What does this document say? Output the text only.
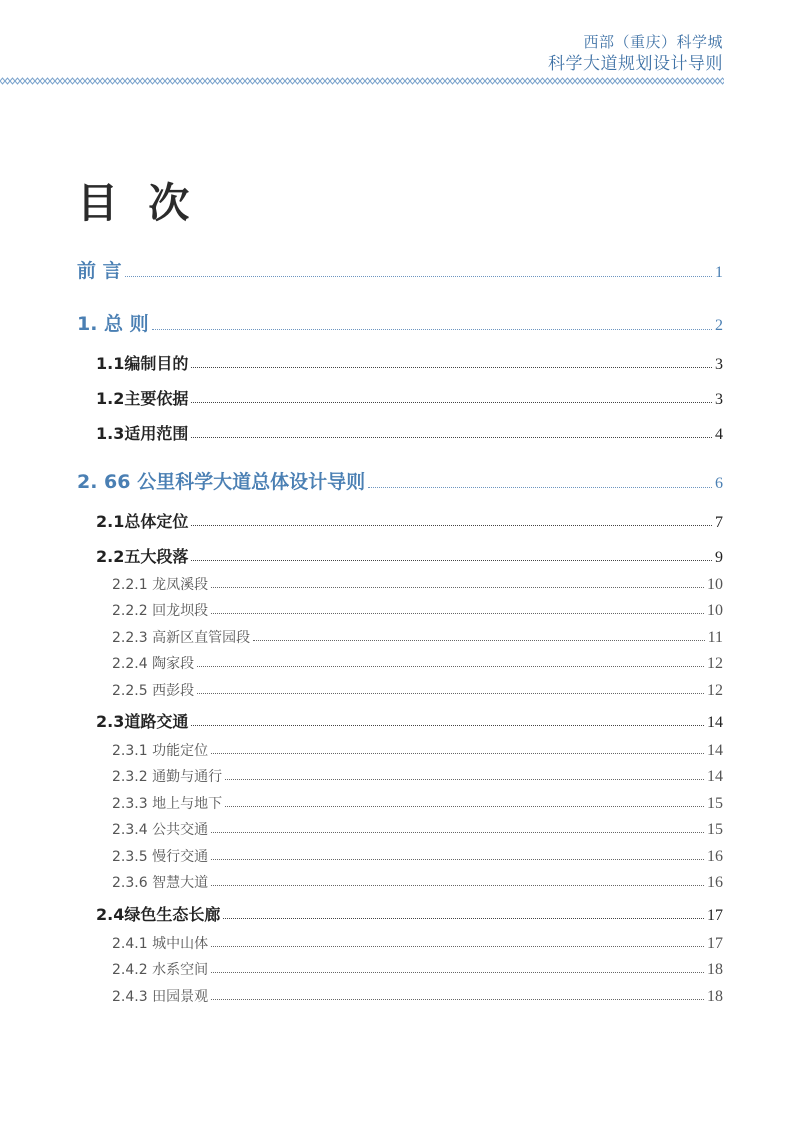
西部（重庆）科学城
科学大道规划设计导则
目 次
前 言	1
1. 总 则	2
1.1编制目的	3
1.2主要依据	3
1.3适用范围	4
2. 66 公里科学大道总体设计导则	6
2.1总体定位	7
2.2五大段落	9
2.2.1 龙凤溪段	10
2.2.2 回龙坝段	10
2.2.3 高新区直管园段	11
2.2.4 陶家段	12
2.2.5 西彭段	12
2.3道路交通	14
2.3.1 功能定位	14
2.3.2 通勤与通行	14
2.3.3 地上与地下	15
2.3.4 公共交通	15
2.3.5 慢行交通	16
2.3.6 智慧大道	16
2.4绿色生态长廊	17
2.4.1 城中山体	17
2.4.2 水系空间	18
2.4.3 田园景观	18
